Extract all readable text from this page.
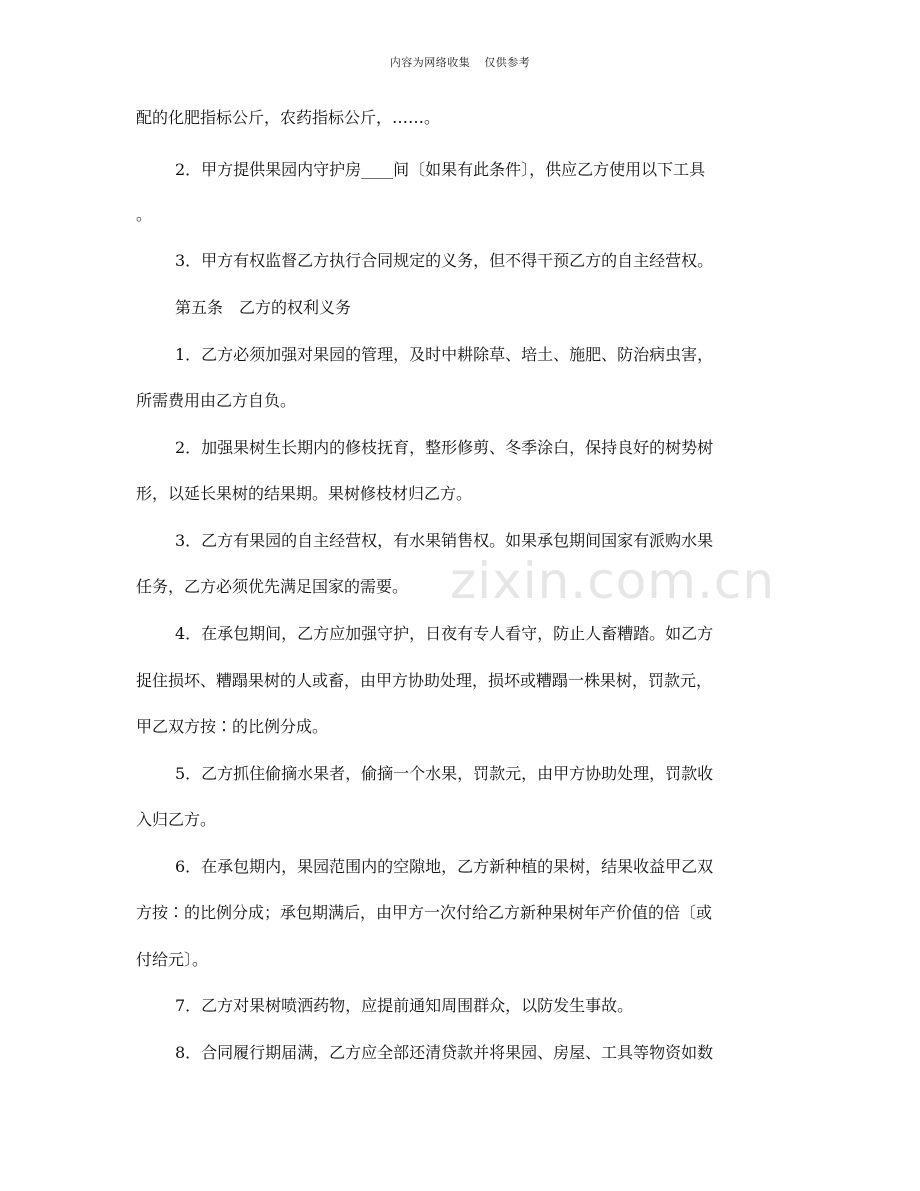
内容为网络收集 仅供参考
zixin.com.cn
配的化肥指标公斤，农药指标公斤，……。
2．甲方提供果园内守护房____间〔如果有此条件〕，供应乙方使用以下工具
。
3．甲方有权监督乙方执行合同规定的义务，但不得干预乙方的自主经营权。
第五条　乙方的权利义务
1．乙方必须加强对果园的管理，及时中耕除草、培土、施肥、防治病虫害，
所需费用由乙方自负。
2．加强果树生长期内的修枝抚育，整形修剪、冬季涂白，保持良好的树势树
形，以延长果树的结果期。果树修枝材归乙方。
3．乙方有果园的自主经营权，有水果销售权。如果承包期间国家有派购水果
任务，乙方必须优先满足国家的需要。
4．在承包期间，乙方应加强守护，日夜有专人看守，防止人畜糟踏。如乙方
捉住损坏、糟蹋果树的人或畜，由甲方协助处理，损坏或糟蹋一株果树，罚款元，
甲乙双方按∶的比例分成。
5．乙方抓住偷摘水果者，偷摘一个水果，罚款元，由甲方协助处理，罚款收
入归乙方。
6．在承包期内，果园范围内的空隙地，乙方新种植的果树，结果收益甲乙双
方按∶的比例分成；承包期满后，由甲方一次付给乙方新种果树年产价值的倍〔或
付给元〕。
7．乙方对果树喷洒药物，应提前通知周围群众，以防发生事故。
8．合同履行期届满，乙方应全部还清贷款并将果园、房屋、工具等物资如数
